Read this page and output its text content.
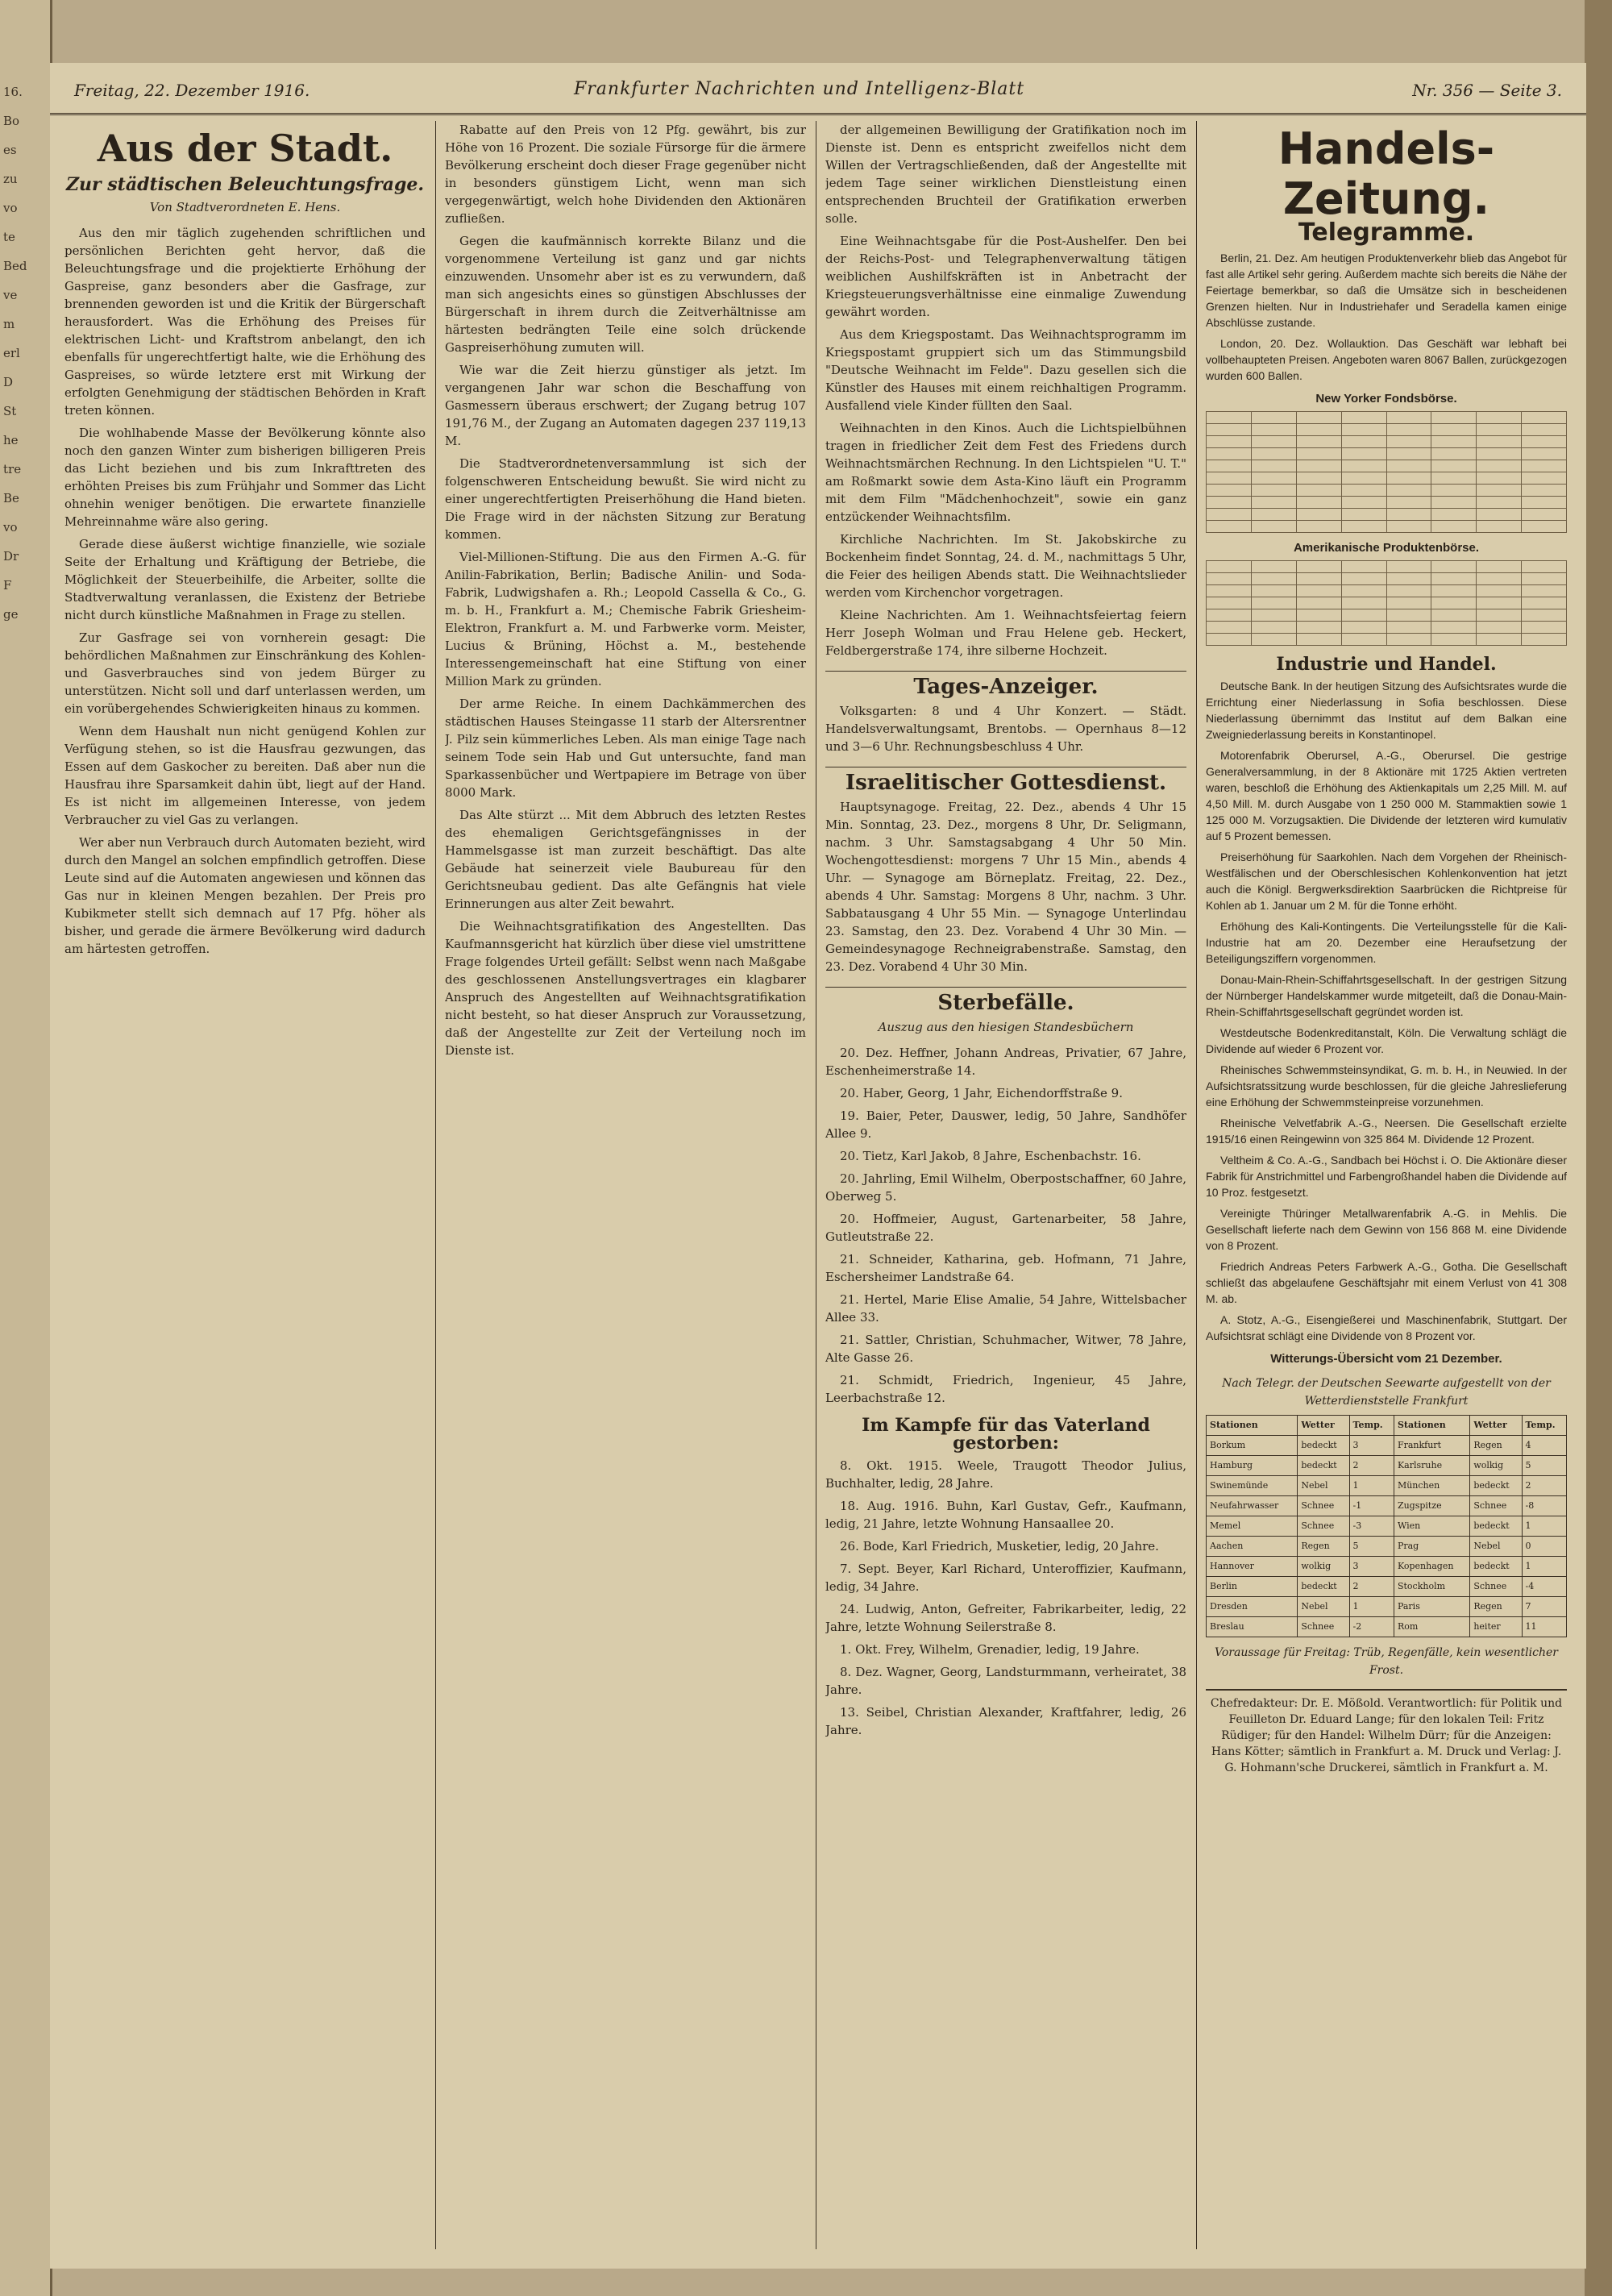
16.
Bo
es
zu
vo
te
Bed
ve
m
erl
D
St
he
tre
Be
vo
Dr
F
ge

Freitag, 22. Dezember 1916.	Frankfurter Nachrichten und Intelligenz-Blatt	Nr. 356 — Seite 3.
Aus der Stadt.
Zur städtischen Beleuchtungsfrage.
Von Stadtverordneten E. Hens.

Aus den mir täglich zugehenden schriftlichen und persönlichen Berichten geht hervor, daß die Beleuchtungsfrage und die projektierte Erhöhung der Gaspreise, ganz besonders aber die Gasfrage, zur brennenden geworden ist und die Kritik der Bürgerschaft herausfordert. Was die Erhöhung des Preises für elektrischen Licht- und Kraftstrom anbelangt, den ich ebenfalls für ungerechtfertigt halte, wie die Erhöhung des Gaspreises, so würde letztere erst mit Wirkung der erfolgten Genehmigung der städtischen Behörden in Kraft treten können.

Die wohlhabende Masse der Bevölkerung könnte also noch den ganzen Winter zum bisherigen billigeren Preis das Licht beziehen und bis zum Inkrafttreten des erhöhten Preises bis zum Frühjahr und Sommer das Licht ohnehin weniger benötigen. Die erwartete finanzielle Mehreinnahme wäre also gering.

Gerade diese äußerst wichtige finanzielle, wie soziale Seite der Erhaltung und Kräftigung der Betriebe, die Möglichkeit der Steuerbeihilfe, die Arbeiter, sollte die Stadtverwaltung veranlassen, die Existenz der Betriebe nicht durch künstliche Maßnahmen in Frage zu stellen.

Zur Gasfrage sei von vornherein gesagt: Die behördlichen Maßnahmen zur Einschränkung des Kohlen- und Gasverbrauches sind von jedem Bürger zu unterstützen. Nicht soll und darf unterlassen werden, um ein vorübergehendes Schwierigkeiten hinaus zu kommen.

Wenn dem Haushalt nun nicht genügend Kohlen zur Verfügung stehen, so ist die Hausfrau gezwungen, das Essen auf dem Gaskocher zu bereiten. Daß aber nun die Hausfrau ihre Sparsamkeit dahin übt, liegt auf der Hand. Es ist nicht im allgemeinen Interesse, von jedem Verbraucher zu viel Gas zu verlangen.

Wer aber nun Verbrauch durch Automaten bezieht, wird durch den Mangel an solchen empfindlich getroffen. Diese Leute sind auf die Automaten angewiesen und können das Gas nur in kleinen Mengen bezahlen. Der Preis pro Kubikmeter stellt sich demnach auf 17 Pfg. höher als bisher, und gerade die ärmere Bevölkerung wird dadurch am härtesten getroffen.

Rabatte auf den Preis von 12 Pfg. gewährt, bis zur Höhe von 16 Prozent. Die soziale Fürsorge für die ärmere Bevölkerung erscheint doch dieser Frage gegenüber nicht in besonders günstigem Licht, wenn man sich vergegenwärtigt, welch hohe Dividenden den Aktionären zufließen.

Gegen die kaufmännisch korrekte Bilanz und die vorgenommene Verteilung ist ganz und gar nichts einzuwenden. Unsomehr aber ist es zu verwundern, daß man sich angesichts eines so günstigen Abschlusses der Bürgerschaft in ihrem durch die Zeitverhältnisse am härtesten bedrängten Teile eine solch drückende Gaspreiserhöhung zumuten will.

Wie war die Zeit hierzu günstiger als jetzt. Im vergangenen Jahr war schon die Beschaffung von Gasmessern überaus erschwert; der Zugang betrug 107 191,76 M., der Zugang an Automaten dagegen 237 119,13 M.

Die Stadtverordnetenversammlung ist sich der folgenschweren Entscheidung bewußt. Sie wird nicht zu einer ungerechtfertigten Preiserhöhung die Hand bieten. Die Frage wird in der nächsten Sitzung zur Beratung kommen.

Viel-Millionen-Stiftung. Die aus den Firmen A.-G. für Anilin-Fabrikation, Berlin; Badische Anilin- und Soda-Fabrik, Ludwigshafen a. Rh.; Leopold Cassella & Co., G. m. b. H., Frankfurt a. M.; Chemische Fabrik Griesheim-Elektron, Frankfurt a. M. und Farbwerke vorm. Meister, Lucius & Brüning, Höchst a. M., bestehende Interessengemeinschaft hat eine Stiftung von einer Million Mark zu gründen.

Der arme Reiche. In einem Dachkämmerchen des städtischen Hauses Steingasse 11 starb der Altersrentner J. Pilz sein kümmerliches Leben. Als man einige Tage nach seinem Tode sein Hab und Gut untersuchte, fand man Sparkassenbücher und Wertpapiere im Betrage von über 8000 Mark.

Das Alte stürzt ... Mit dem Abbruch des letzten Restes des ehemaligen Gerichtsgefängnisses in der Hammelsgasse ist man zurzeit beschäftigt. Das alte Gebäude hat seinerzeit viele Baubureau für den Gerichtsneubau gedient. Das alte Gefängnis hat viele Erinnerungen aus alter Zeit bewahrt.

Die Weihnachtsgratifikation des Angestellten. Das Kaufmannsgericht hat kürzlich über diese viel umstrittene Frage folgendes Urteil gefällt: Selbst wenn nach Maßgabe des geschlossenen Anstellungsvertrages ein klagbarer Anspruch des Angestellten auf Weihnachtsgratifikation nicht besteht, so hat dieser Anspruch zur Voraussetzung, daß der Angestellte zur Zeit der Verteilung noch im Dienste ist.

der allgemeinen Bewilligung der Gratifikation noch im Dienste ist. Denn es entspricht zweifellos nicht dem Willen der Vertragschließenden, daß der Angestellte mit jedem Tage seiner wirklichen Dienstleistung einen entsprechenden Bruchteil der Gratifikation erwerben solle.

Eine Weihnachtsgabe für die Post-Aushelfer. Den bei der Reichs-Post- und Telegraphenverwaltung tätigen weiblichen Aushilfskräften ist in Anbetracht der Kriegsteuerungsverhältnisse eine einmalige Zuwendung gewährt worden.

Aus dem Kriegspostamt. Das Weihnachtsprogramm im Kriegspostamt gruppiert sich um das Stimmungsbild "Deutsche Weihnacht im Felde". Dazu gesellen sich die Künstler des Hauses mit einem reichhaltigen Programm. Ausfallend viele Kinder füllten den Saal.

Weihnachten in den Kinos. Auch die Lichtspielbühnen tragen in friedlicher Zeit dem Fest des Friedens durch Weihnachtsmärchen Rechnung. In den Lichtspielen "U. T." am Roßmarkt sowie dem Asta-Kino läuft ein Programm mit dem Film "Mädchenhochzeit", sowie ein ganz entzückender Weihnachtsfilm.

Kirchliche Nachrichten. Im St. Jakobskirche zu Bockenheim findet Sonntag, 24. d. M., nachmittags 5 Uhr, die Feier des heiligen Abends statt. Die Weihnachtslieder werden vom Kirchenchor vorgetragen.

Kleine Nachrichten. Am 1. Weihnachtsfeiertag feiern Herr Joseph Wolman und Frau Helene geb. Heckert, Feldbergerstraße 174, ihre silberne Hochzeit.

Tages-Anzeiger.

Volksgarten: 8 und 4 Uhr Konzert. — Städt. Handelsverwaltungsamt, Brentobs. — Opernhaus 8—12 und 3—6 Uhr. Rechnungsbeschluss 4 Uhr.

Israelitischer Gottesdienst.

Hauptsynagoge. Freitag, 22. Dez., abends 4 Uhr 15 Min. Sonntag, 23. Dez., morgens 8 Uhr, Dr. Seligmann, nachm. 3 Uhr. Samstagsabgang 4 Uhr 50 Min. Wochengottesdienst: morgens 7 Uhr 15 Min., abends 4 Uhr. — Synagoge am Börneplatz. Freitag, 22. Dez., abends 4 Uhr. Samstag: Morgens 8 Uhr, nachm. 3 Uhr. Sabbatausgang 4 Uhr 55 Min. — Synagoge Unterlindau 23. Samstag, den 23. Dez. Vorabend 4 Uhr 30 Min. — Gemeindesynagoge Rechneigrabenstraße. Samstag, den 23. Dez. Vorabend 4 Uhr 30 Min.

Sterbefälle.
Auszug aus den hiesigen Standesbüchern

20. Dez. Heffner, Johann Andreas, Privatier, 67 Jahre, Eschenheimerstraße 14.

20. Haber, Georg, 1 Jahr, Eichendorffstraße 9.

19. Baier, Peter, Dauswer, ledig, 50 Jahre, Sandhöfer Allee 9.

20. Tietz, Karl Jakob, 8 Jahre, Eschenbachstr. 16.

20. Jahrling, Emil Wilhelm, Oberpostschaffner, 60 Jahre, Oberweg 5.

20. Hoffmeier, August, Gartenarbeiter, 58 Jahre, Gutleutstraße 22.

21. Schneider, Katharina, geb. Hofmann, 71 Jahre, Eschersheimer Landstraße 64.

21. Hertel, Marie Elise Amalie, 54 Jahre, Wittelsbacher Allee 33.

21. Sattler, Christian, Schuhmacher, Witwer, 78 Jahre, Alte Gasse 26.

21. Schmidt, Friedrich, Ingenieur, 45 Jahre, Leerbachstraße 12.

Im Kampfe für das Vaterland gestorben:

8. Okt. 1915. Weele, Traugott Theodor Julius, Buchhalter, ledig, 28 Jahre.

18. Aug. 1916. Buhn, Karl Gustav, Gefr., Kaufmann, ledig, 21 Jahre, letzte Wohnung Hansaallee 20.

26. Bode, Karl Friedrich, Musketier, ledig, 20 Jahre.

7. Sept. Beyer, Karl Richard, Unteroffizier, Kaufmann, ledig, 34 Jahre.

24. Ludwig, Anton, Gefreiter, Fabrikarbeiter, ledig, 22 Jahre, letzte Wohnung Seilerstraße 8.

1. Okt. Frey, Wilhelm, Grenadier, ledig, 19 Jahre.

8. Dez. Wagner, Georg, Landsturmmann, verheiratet, 38 Jahre.

13. Seibel, Christian Alexander, Kraftfahrer, ledig, 26 Jahre.

Handels-Zeitung.
Telegramme.

Berlin, 21. Dez. Am heutigen Produktenverkehr blieb das Angebot für fast alle Artikel sehr gering. Außerdem machte sich bereits die Nähe der Feiertage bemerkbar, so daß die Umsätze sich in bescheidenen Grenzen hielten. Nur in Industriehafer und Seradella kamen einige Abschlüsse zustande.

London, 20. Dez. Wollauktion. Das Geschäft war lebhaft bei vollbehaupteten Preisen. Angeboten waren 8067 Ballen, zurückgezogen wurden 600 Ballen.

New Yorker Fondsbörse.

Amerikanische Produktenbörse.

Industrie und Handel.

Deutsche Bank. In der heutigen Sitzung des Aufsichtsrates wurde die Errichtung einer Niederlassung in Sofia beschlossen. Diese Niederlassung übernimmt das Institut auf dem Balkan eine Zweigniederlassung bereits in Konstantinopel.

Motorenfabrik Oberursel, A.-G., Oberursel. Die gestrige Generalversammlung, in der 8 Aktionäre mit 1725 Aktien vertreten waren, beschloß die Erhöhung des Aktienkapitals um 2,25 Mill. M. auf 4,50 Mill. M. durch Ausgabe von 1 250 000 M. Stammaktien sowie 1 125 000 M. Vorzugsaktien. Die Dividende der letzteren wird kumulativ auf 5 Prozent bemessen.

Preiserhöhung für Saarkohlen. Nach dem Vorgehen der Rheinisch-Westfälischen und der Oberschlesischen Kohlenkonvention hat jetzt auch die Königl. Bergwerksdirektion Saarbrücken die Richtpreise für Kohlen ab 1. Januar um 2 M. für die Tonne erhöht.

Erhöhung des Kali-Kontingents. Die Verteilungsstelle für die Kali-Industrie hat am 20. Dezember eine Heraufsetzung der Beteiligungsziffern vorgenommen.

Donau-Main-Rhein-Schiffahrtsgesellschaft. In der gestrigen Sitzung der Nürnberger Handelskammer wurde mitgeteilt, daß die Donau-Main-Rhein-Schiffahrtsgesellschaft gegründet worden ist.

Westdeutsche Bodenkreditanstalt, Köln. Die Verwaltung schlägt die Dividende auf wieder 6 Prozent vor.

Rheinisches Schwemmsteinsyndikat, G. m. b. H., in Neuwied. In der Aufsichtsratssitzung wurde beschlossen, für die gleiche Jahreslieferung eine Erhöhung der Schwemmsteinpreise vorzunehmen.

Rheinische Velvetfabrik A.-G., Neersen. Die Gesellschaft erzielte 1915/16 einen Reingewinn von 325 864 M. Dividende 12 Prozent.

Veltheim & Co. A.-G., Sandbach bei Höchst i. O. Die Aktionäre dieser Fabrik für Anstrichmittel und Farbengroßhandel haben die Dividende auf 10 Proz. festgesetzt.

Vereinigte Thüringer Metallwarenfabrik A.-G. in Mehlis. Die Gesellschaft lieferte nach dem Gewinn von 156 868 M. eine Dividende von 8 Prozent.

Friedrich Andreas Peters Farbwerk A.-G., Gotha. Die Gesellschaft schließt das abgelaufene Geschäftsjahr mit einem Verlust von 41 308 M. ab.

A. Stotz, A.-G., Eisengießerei und Maschinenfabrik, Stuttgart. Der Aufsichtsrat schlägt eine Dividende von 8 Prozent vor.

Witterungs-Übersicht vom 21 Dezember.
Nach Telegr. der Deutschen Seewarte aufgestellt von der Wetterdienststelle Frankfurt
Stationen	Wetter	Temp.	Stationen	Wetter	Temp.
Borkum	bedeckt	3	Frankfurt	Regen	4
Hamburg	bedeckt	2	Karlsruhe	wolkig	5
Swinemünde	Nebel	1	München	bedeckt	2
Neufahrwasser	Schnee	-1	Zugspitze	Schnee	-8
Memel	Schnee	-3	Wien	bedeckt	1
Aachen	Regen	5	Prag	Nebel	0
Hannover	wolkig	3	Kopenhagen	bedeckt	1
Berlin	bedeckt	2	Stockholm	Schnee	-4
Dresden	Nebel	1	Paris	Regen	7
Breslau	Schnee	-2	Rom	heiter	11
Voraussage für Freitag: Trüb, Regenfälle, kein wesentlicher Frost.
Chefredakteur: Dr. E. Mößold. Verantwortlich: für Politik und Feuilleton Dr. Eduard Lange; für den lokalen Teil: Fritz Rüdiger; für den Handel: Wilhelm Dürr; für die Anzeigen: Hans Kötter; sämtlich in Frankfurt a. M. Druck und Verlag: J. G. Hohmann'sche Druckerei, sämtlich in Frankfurt a. M.
